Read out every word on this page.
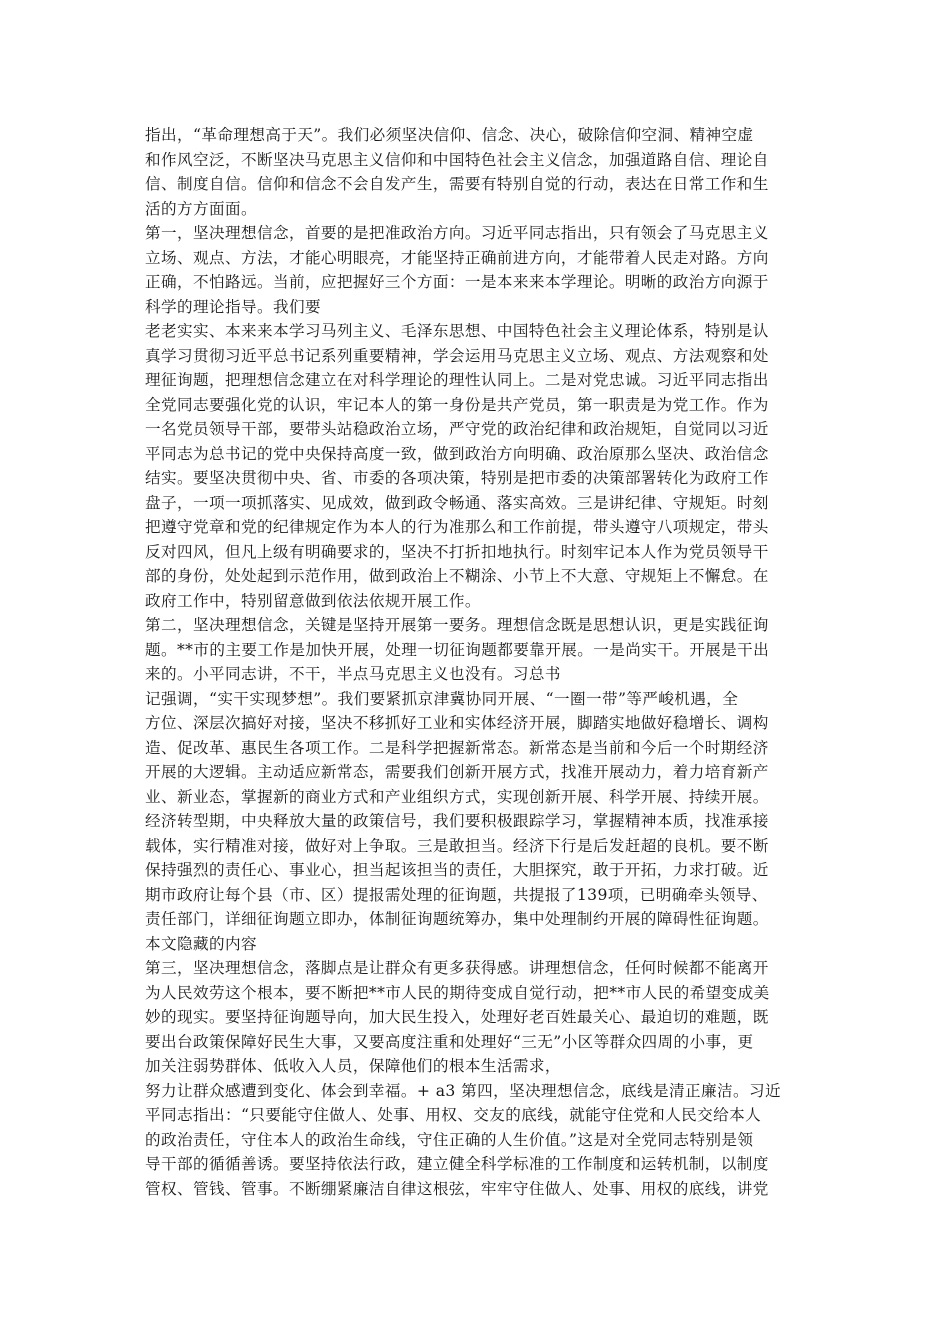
指出，“革命理想高于天”。我们必须坚决信仰、信念、决心，破除信仰空洞、精神空虚
和作风空泛，不断坚决马克思主义信仰和中国特色社会主义信念，加强道路自信、理论自
信、制度自信。信仰和信念不会自发产生，需要有特别自觉的行动，表达在日常工作和生
活的方方面面。
第一，坚决理想信念，首要的是把准政治方向。习近平同志指出，只有领会了马克思主义
立场、观点、方法，才能心明眼亮，才能坚持正确前进方向，才能带着人民走对路。方向
正确，不怕路远。当前，应把握好三个方面：一是本来来本学理论。明晰的政治方向源于
科学的理论指导。我们要
老老实实、本来来本学习马列主义、毛泽东思想、中国特色社会主义理论体系，特别是认
真学习贯彻习近平总书记系列重要精神，学会运用马克思主义立场、观点、方法观察和处
理征询题，把理想信念建立在对科学理论的理性认同上。二是对党忠诚。习近平同志指出
全党同志要强化党的认识，牢记本人的第一身份是共产党员，第一职责是为党工作。作为
一名党员领导干部，要带头站稳政治立场，严守党的政治纪律和政治规矩，自觉同以习近
平同志为总书记的党中央保持高度一致，做到政治方向明确、政治原那么坚决、政治信念
结实。要坚决贯彻中央、省、市委的各项决策，特别是把市委的决策部署转化为政府工作
盘子，一项一项抓落实、见成效，做到政令畅通、落实高效。三是讲纪律、守规矩。时刻
把遵守党章和党的纪律规定作为本人的行为准那么和工作前提，带头遵守八项规定，带头
反对四风，但凡上级有明确要求的，坚决不打折扣地执行。时刻牢记本人作为党员领导干
部的身份，处处起到示范作用，做到政治上不糊涂、小节上不大意、守规矩上不懈怠。在
政府工作中，特别留意做到依法依规开展工作。
第二，坚决理想信念，关键是坚持开展第一要务。理想信念既是思想认识，更是实践征询
题。**市的主要工作是加快开展，处理一切征询题都要靠开展。一是尚实干。开展是干出
来的。小平同志讲，不干，半点马克思主义也没有。习总书
记强调，“实干实现梦想”。我们要紧抓京津冀协同开展、“一圈一带”等严峻机遇，全
方位、深层次搞好对接，坚决不移抓好工业和实体经济开展，脚踏实地做好稳增长、调构
造、促改革、惠民生各项工作。二是科学把握新常态。新常态是当前和今后一个时期经济
开展的大逻辑。主动适应新常态，需要我们创新开展方式，找准开展动力，着力培育新产
业、新业态，掌握新的商业方式和产业组织方式，实现创新开展、科学开展、持续开展。
经济转型期，中央释放大量的政策信号，我们要积极跟踪学习，掌握精神本质，找准承接
载体，实行精准对接，做好对上争取。三是敢担当。经济下行是后发赶超的良机。要不断
保持强烈的责任心、事业心，担当起该担当的责任，大胆探究，敢于开拓，力求打破。近
期市政府让每个县（市、区）提报需处理的征询题，共提报了139项，已明确牵头领导、
责任部门，详细征询题立即办，体制征询题统筹办，集中处理制约开展的障碍性征询题。
本文隐藏的内容
第三，坚决理想信念，落脚点是让群众有更多获得感。讲理想信念，任何时候都不能离开
为人民效劳这个根本，要不断把**市人民的期待变成自觉行动，把**市人民的希望变成美
妙的现实。要坚持征询题导向，加大民生投入，处理好老百姓最关心、最迫切的难题，既
要出台政策保障好民生大事，又要高度注重和处理好“三无”小区等群众四周的小事，更
加关注弱势群体、低收入人员，保障他们的根本生活需求，
努力让群众感遭到变化、体会到幸福。+ a3 第四，坚决理想信念，底线是清正廉洁。习近
平同志指出：“只要能守住做人、处事、用权、交友的底线，就能守住党和人民交给本人
的政治责任，守住本人的政治生命线，守住正确的人生价值。”这是对全党同志特别是领
导干部的循循善诱。要坚持依法行政，建立健全科学标准的工作制度和运转机制，以制度
管权、管钱、管事。不断绷紧廉洁自律这根弦，牢牢守住做人、处事、用权的底线，讲党
